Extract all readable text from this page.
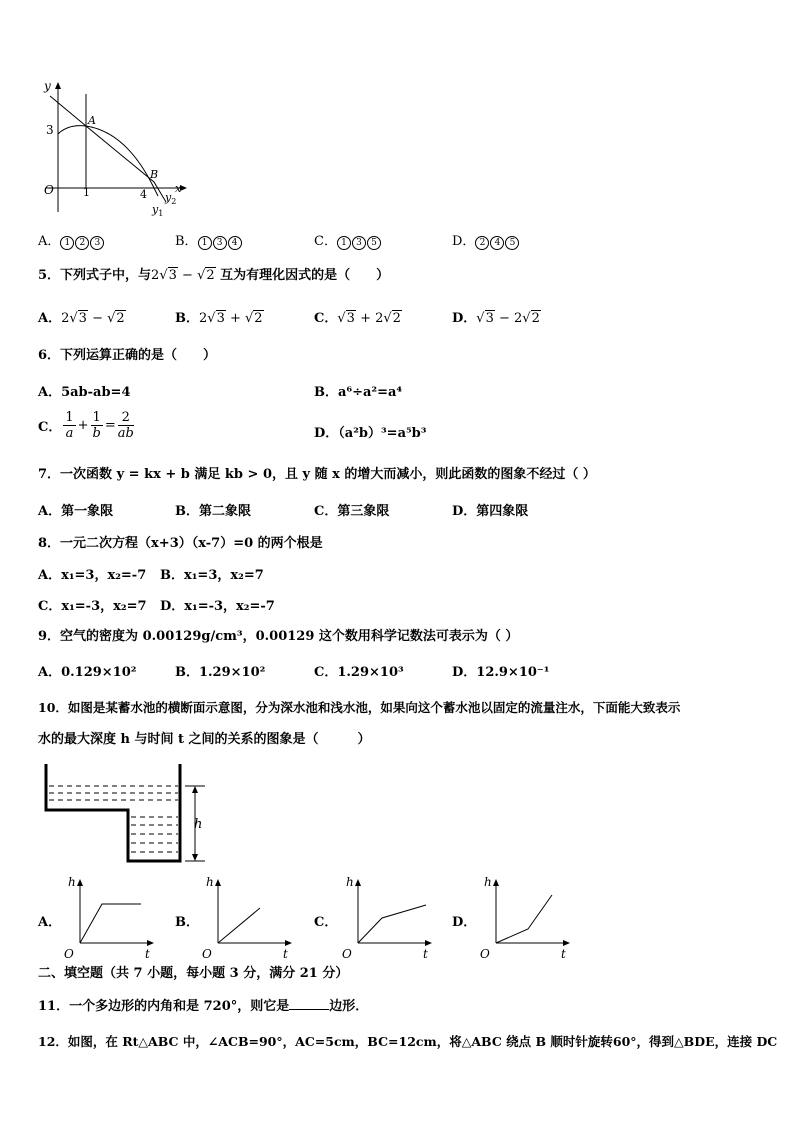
y
x
3
A
O	1
B
4 $y_2$
$y_1$
A． 1 2 3	B． 1 3 4	C． 1 3 5	D． 2 4 5
5．下列式子中，与2√3 − √2 互为有理化因式的是（　　）
A．2√3 − √2	B．2√3 + √2	C．√3 + 2√2	D．√3 − 2√2
6．下列运算正确的是（　　）
A．5ab-ab=4	B．a⁶÷a²=a⁴
C． $\frac{1}{a} + \frac{1}{b} = \frac{2}{ab}$	D．（a²b）³=a⁵b³
7．一次函数 y = kx + b 满足 kb > 0，且 y 随 x 的增大而减小，则此函数的图象不经过（ ）
A．第一象限	B．第二象限	C．第三象限	D．第四象限
8．一元二次方程（x+3）（x-7）=0 的两个根是
A．x₁=3，x₂=-7 B．x₁=3，x₂=7
C．x₁=-3，x₂=7 D．x₁=-3，x₂=-7
9．空气的密度为 0.00129g/cm³，0.00129 这个数用科学记数法可表示为（ ）
A．0.129×10²	B．1.29×10²	C．1.29×10³	D．12.9×10⁻¹
10．如图是某蓄水池的横断面示意图，分为深水池和浅水池，如果向这个蓄水池以固定的流量注水，下面能大致表示
水的最大深度 h 与时间 t 之间的关系的图象是（　　　）
h
A．	B．	C．	D．
h
t
O
h
t
O
h
t
O
h
t
O
二、填空题（共 7 小题，每小题 3 分，满分 21 分）
11．一个多边形的内角和是 720°，则它是	边形．
12．如图，在 Rt△ABC 中，∠ACB=90°，AC=5cm，BC=12cm，将△ABC 绕点 B 顺时针旋转60°，得到△BDE，连接 DC
